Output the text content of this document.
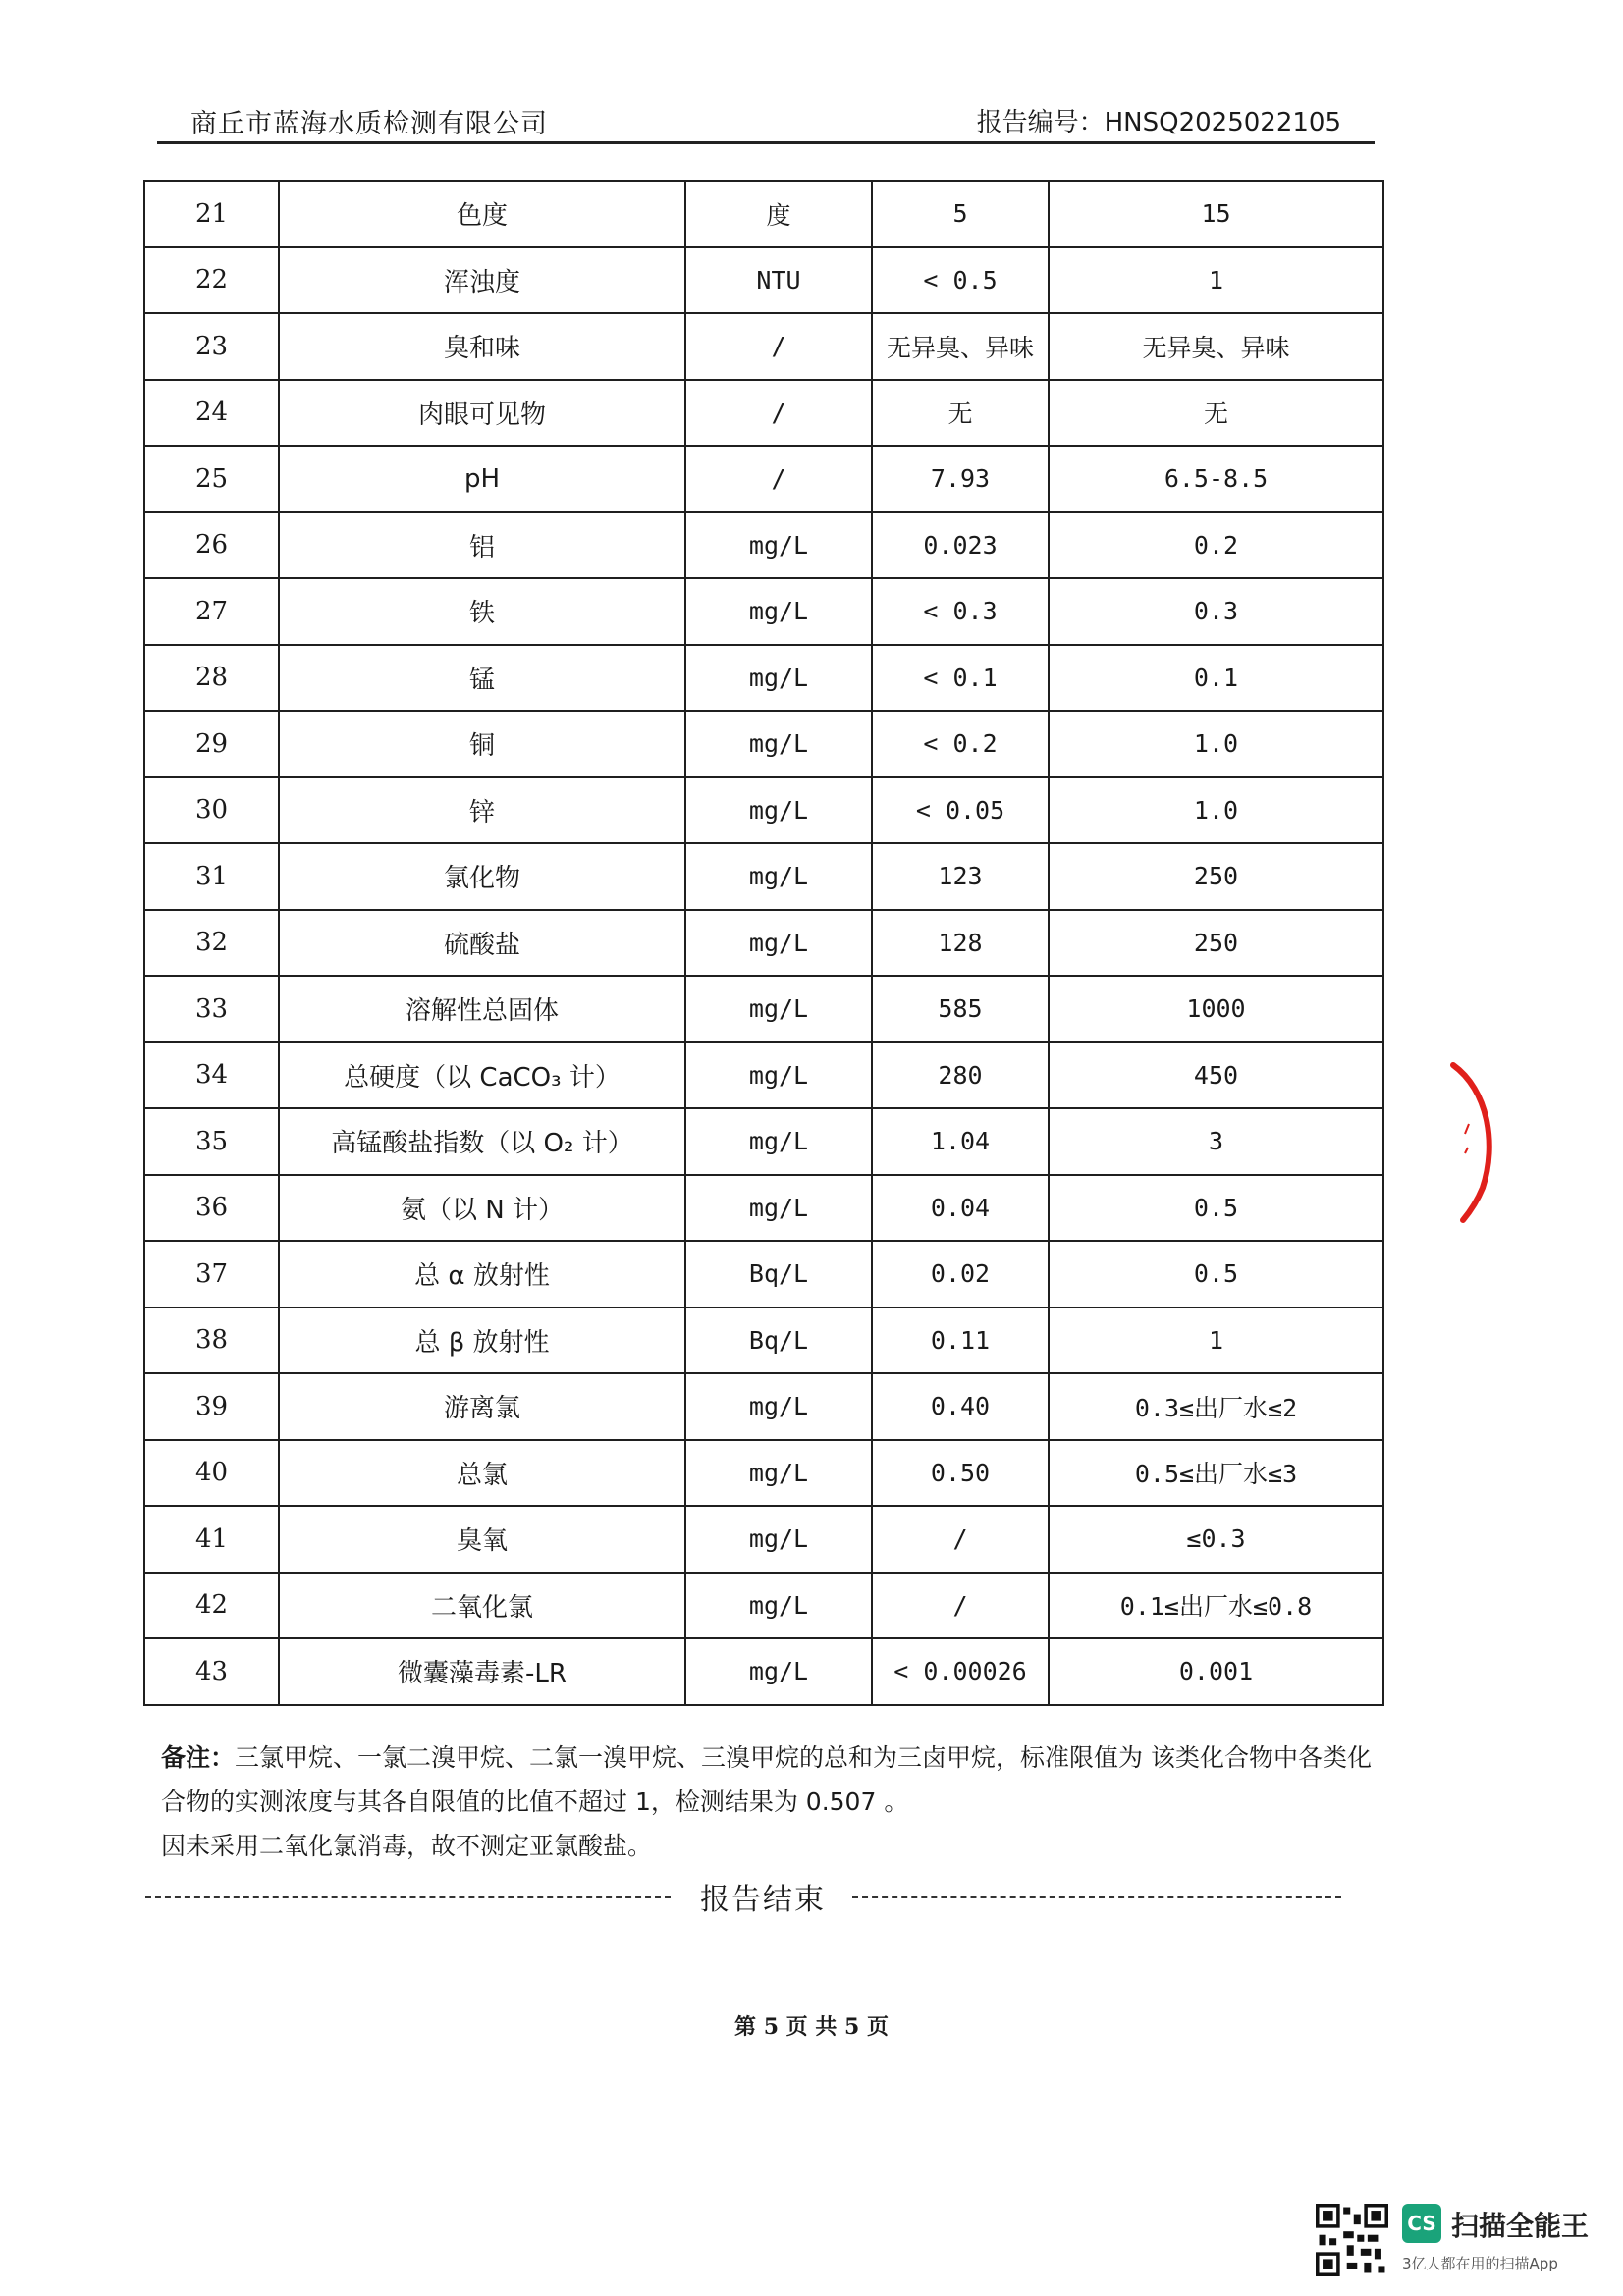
商丘市蓝海水质检测有限公司	报告编号：HNSQ2025022105
21	色度	度	5	15
22	浑浊度	NTU	< 0.5	1
23	臭和味	/	无异臭、异味	无异臭、异味
24	肉眼可见物	/	无	无
25	pH	/	7.93	6.5-8.5
26	铝	mg/L	0.023	0.2
27	铁	mg/L	< 0.3	0.3
28	锰	mg/L	< 0.1	0.1
29	铜	mg/L	< 0.2	1.0
30	锌	mg/L	< 0.05	1.0
31	氯化物	mg/L	123	250
32	硫酸盐	mg/L	128	250
33	溶解性总固体	mg/L	585	1000
34	总硬度（以 CaCO₃ 计）	mg/L	280	450
35	高锰酸盐指数（以 O₂ 计）	mg/L	1.04	3
36	氨（以 N 计）	mg/L	0.04	0.5
37	总 α 放射性	Bq/L	0.02	0.5
38	总 β 放射性	Bq/L	0.11	1
39	游离氯	mg/L	0.40	0.3≤出厂水≤2
40	总氯	mg/L	0.50	0.5≤出厂水≤3
41	臭氧	mg/L	/	≤0.3
42	二氧化氯	mg/L	/	0.1≤出厂水≤0.8
43	微囊藻毒素-LR	mg/L	< 0.00026	0.001
备注：三氯甲烷、一氯二溴甲烷、二氯一溴甲烷、三溴甲烷的总和为三卤甲烷，标准限值为 该类化合物中各类化合物的实测浓度与其各自限值的比值不超过 1，检测结果为 0.507 。
因未采用二氧化氯消毒，故不测定亚氯酸盐。
报告结束
第 5 页 共 5 页
CS 扫描全能王
3亿人都在用的扫描App
